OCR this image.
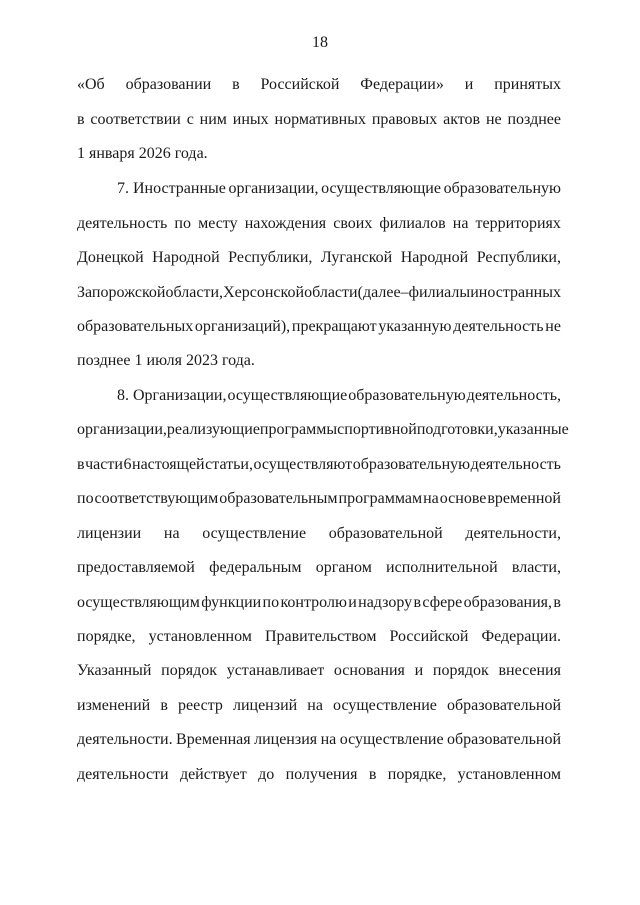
18
«Об образовании в Российской Федерации» и принятых
в соответствии с ним иных нормативных правовых актов не позднее
1 января 2026 года.
7. Иностранные организации, осуществляющие образовательную
деятельность по месту нахождения своих филиалов на территориях
Донецкой Народной Республики, Луганской Народной Республики,
Запорожской области, Херсонской области (далее – филиалы иностранных
образовательных организаций), прекращают указанную деятельность не
позднее 1 июля 2023 года.
8. Организации, осуществляющие образовательную деятельность,
организации, реализующие программы спортивной подготовки, указанные
в части 6 настоящей статьи, осуществляют образовательную деятельность
по соответствующим образовательным программам на основе временной
лицензии на осуществление образовательной деятельности,
предоставляемой федеральным органом исполнительной власти,
осуществляющим функции по контролю и надзору в сфере образования, в
порядке, установленном Правительством Российской Федерации.
Указанный порядок устанавливает основания и порядок внесения
изменений в реестр лицензий на осуществление образовательной
деятельности. Временная лицензия на осуществление образовательной
деятельности действует до получения в порядке, установленном
